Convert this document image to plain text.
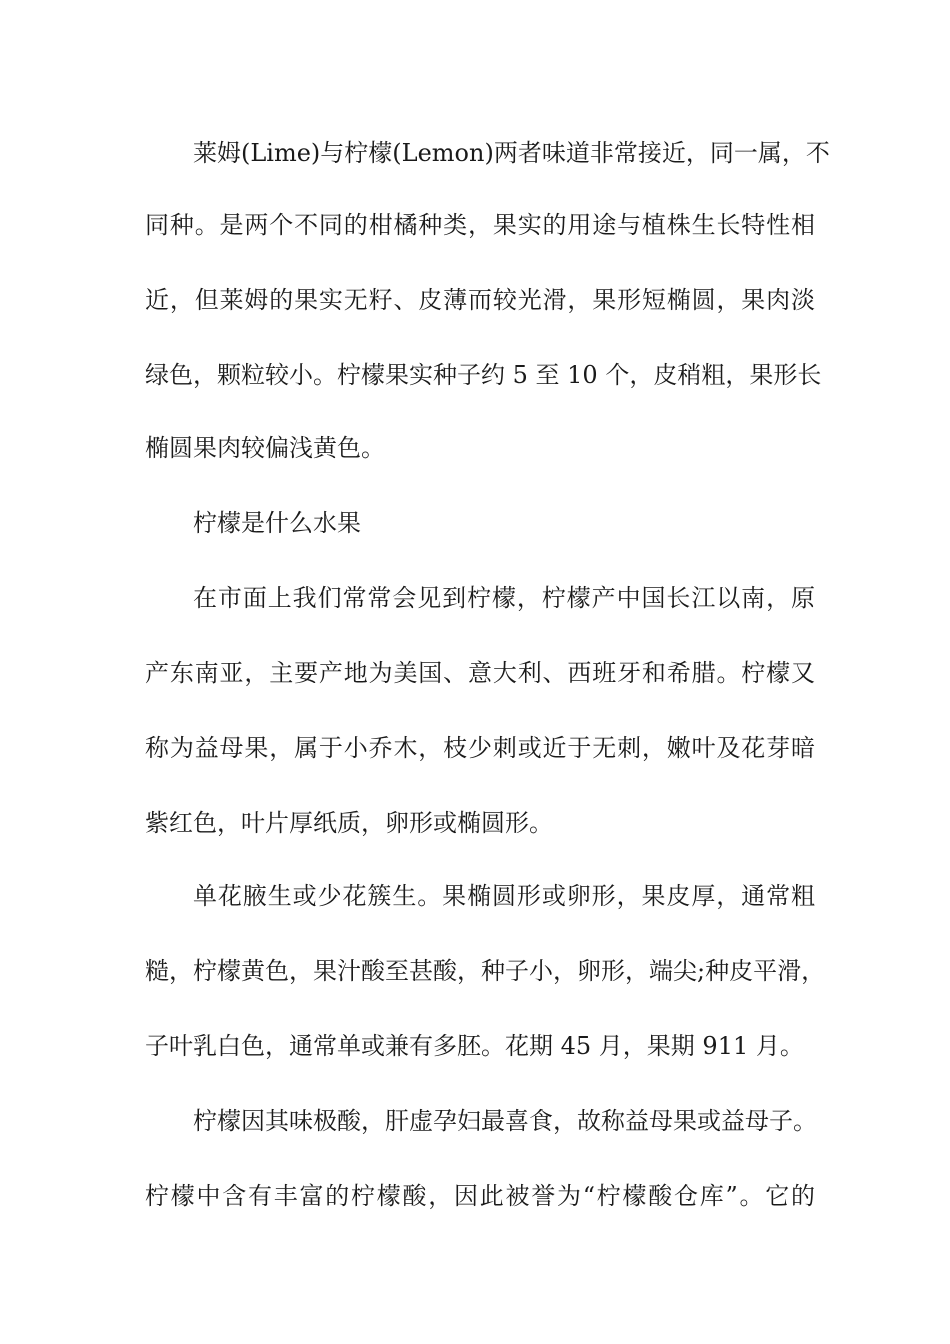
莱姆(Lime)与柠檬(Lemon)两者味道非常接近，同一属，不
同种。是两个不同的柑橘种类，果实的用途与植株生长特性相
近，但莱姆的果实无籽、皮薄而较光滑，果形短椭圆，果肉淡
绿色，颗粒较小。柠檬果实种子约 5 至 10 个，皮稍粗，果形长
椭圆果肉较偏浅黄色。
柠檬是什么水果
在市面上我们常常会见到柠檬，柠檬产中国长江以南，原
产东南亚，主要产地为美国、意大利、西班牙和希腊。柠檬又
称为益母果，属于小乔木，枝少刺或近于无刺，嫩叶及花芽暗
紫红色，叶片厚纸质，卵形或椭圆形。
单花腋生或少花簇生。果椭圆形或卵形，果皮厚，通常粗
糙，柠檬黄色，果汁酸至甚酸，种子小，卵形，端尖;种皮平滑，
子叶乳白色，通常单或兼有多胚。花期 45 月，果期 911 月。
柠檬因其味极酸，肝虚孕妇最喜食，故称益母果或益母子。
柠檬中含有丰富的柠檬酸，因此被誉为“柠檬酸仓库”。它的
